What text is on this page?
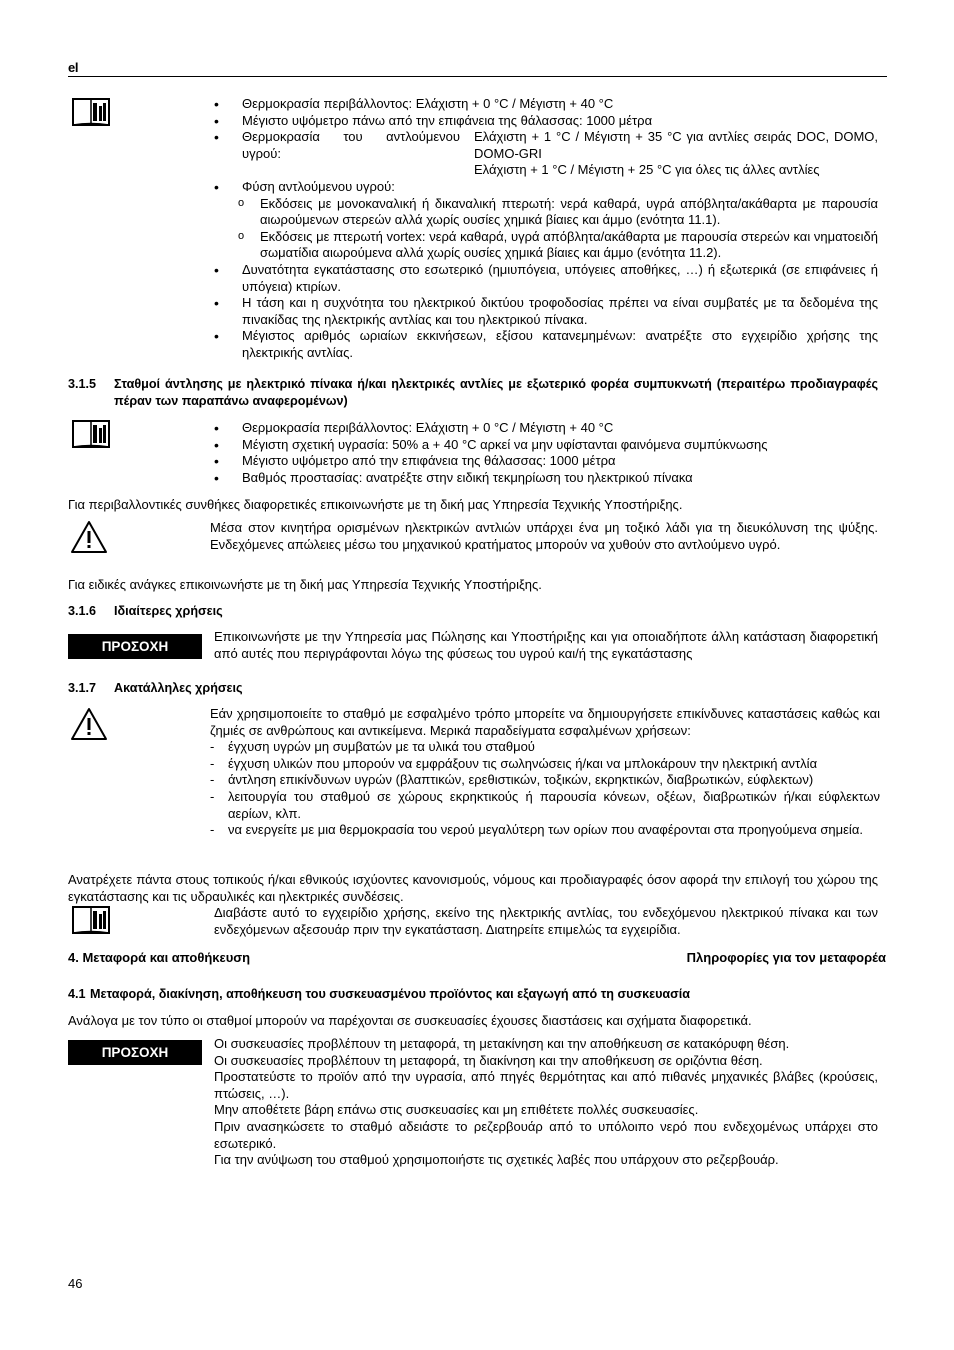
el
• Θερμοκρασία περιβάλλοντος: Ελάχιστη + 0 °C / Μέγιστη + 40 °C
• Μέγιστο υψόμετρο πάνω από την επιφάνεια της θάλασσας: 1000 μέτρα
• Θερμοκρασία του αντλούμενου υγρού:
Ελάχιστη + 1 °C / Μέγιστη + 35 °C για αντλίες σειράς DOC, DOMO, DOMO-GRI
Ελάχιστη + 1 °C / Μέγιστη + 25 °C για όλες τις άλλες αντλίες
• Φύση αντλούμενου υγρού:
o Εκδόσεις με μονοκαναλική ή δικαναλική πτερωτή: νερά καθαρά, υγρά απόβλητα/ακάθαρτα με παρουσία αιωρούμενων στερεών αλλά χωρίς ουσίες χημικά βίαιες και άμμο (ενότητα 11.1).
o Εκδόσεις με πτερωτή vortex: νερά καθαρά, υγρά απόβλητα/ακάθαρτα με παρουσία στερεών και νηματοειδή σωματίδια αιωρούμενα αλλά χωρίς ουσίες χημικά βίαιες και άμμο (ενότητα 11.2).
• Δυνατότητα εγκατάστασης στο εσωτερικό (ημιυπόγεια, υπόγειες αποθήκες, …) ή εξωτερικά (σε επιφάνειες ή υπόγεια) κτιρίων.
• Η τάση και η συχνότητα του ηλεκτρικού δικτύου τροφοδοσίας πρέπει να είναι συμβατές με τα δεδομένα της πινακίδας της ηλεκτρικής αντλίας και του ηλεκτρικού πίνακα.
• Μέγιστος αριθμός ωριαίων εκκινήσεων, εξίσου κατανεμημένων: ανατρέξτε στο εγχειρίδιο χρήσης της ηλεκτρικής αντλίας.
3.1.5	Σταθμοί άντλησης με ηλεκτρικό πίνακα ή/και ηλεκτρικές αντλίες με εξωτερικό φορέα συμπυκνωτή (περαιτέρω προδιαγραφές πέραν των παραπάνω αναφερομένων)
• Θερμοκρασία περιβάλλοντος: Ελάχιστη + 0 °C / Μέγιστη + 40 °C
• Μέγιστη σχετική υγρασία: 50% a + 40 °C αρκεί να μην υφίστανται φαινόμενα συμπύκνωσης
• Μέγιστο υψόμετρο από την επιφάνεια της θάλασσας: 1000 μέτρα
• Βαθμός προστασίας: ανατρέξτε στην ειδική τεκμηρίωση του ηλεκτρικού πίνακα
Για περιβαλλοντικές συνθήκες διαφορετικές επικοινωνήστε με τη δική μας Υπηρεσία Τεχνικής Υποστήριξης.
Μέσα στον κινητήρα ορισμένων ηλεκτρικών αντλιών υπάρχει ένα μη τοξικό λάδι για τη διευκόλυνση της ψύξης. Ενδεχόμενες απώλειες μέσω του μηχανικού κρατήματος μπορούν να χυθούν στο αντλούμενο υγρό.
Για ειδικές ανάγκες επικοινωνήστε με τη δική μας Υπηρεσία Τεχνικής Υποστήριξης.
3.1.6	Ιδιαίτερες χρήσεις
ΠΡΟΣΟΧΗ
Επικοινωνήστε με την Υπηρεσία μας Πώλησης και Υποστήριξης και για οποιαδήποτε άλλη κατάσταση διαφορετική από αυτές που περιγράφονται λόγω της φύσεως του υγρού και/ή της εγκατάστασης
3.1.7	Ακατάλληλες χρήσεις
Εάν χρησιμοποιείτε το σταθμό με εσφαλμένο τρόπο μπορείτε να δημιουργήσετε επικίνδυνες καταστάσεις καθώς και ζημιές σε ανθρώπους και αντικείμενα. Μερικά παραδείγματα εσφαλμένων χρήσεων:
- έγχυση υγρών μη συμβατών με τα υλικά του σταθμού
- έγχυση υλικών που μπορούν να εμφράξουν τις σωληνώσεις ή/και να μπλοκάρουν την ηλεκτρική αντλία
- άντληση επικίνδυνων υγρών (βλαπτικών, ερεθιστικών, τοξικών, εκρηκτικών, διαβρωτικών, εύφλεκτων)
- λειτουργία του σταθμού σε χώρους εκρηκτικούς ή παρουσία κόνεων, οξέων, διαβρωτικών ή/και εύφλεκτων αερίων, κλπ.
- να ενεργείτε με μια θερμοκρασία του νερού μεγαλύτερη των ορίων που αναφέρονται στα προηγούμενα σημεία.
Ανατρέχετε πάντα στους τοπικούς ή/και εθνικούς ισχύοντες κανονισμούς, νόμους και προδιαγραφές όσον αφορά την επιλογή του χώρου της εγκατάστασης και τις υδραυλικές και ηλεκτρικές συνδέσεις.
Διαβάστε αυτό το εγχειρίδιο χρήσης, εκείνο της ηλεκτρικής αντλίας, του ενδεχόμενου ηλεκτρικού πίνακα και των ενδεχόμενων αξεσουάρ πριν την εγκατάσταση. Διατηρείτε επιμελώς τα εγχειρίδια.
4. Μεταφορά και αποθήκευση	Πληροφορίες για τον μεταφορέα
4.1 Μεταφορά, διακίνηση, αποθήκευση του συσκευασμένου προϊόντος και εξαγωγή από τη συσκευασία
Ανάλογα με τον τύπο οι σταθμοί μπορούν να παρέχονται σε συσκευασίες έχουσες διαστάσεις και σχήματα διαφορετικά.
ΠΡΟΣΟΧΗ
Οι συσκευασίες προβλέπουν τη μεταφορά, τη μετακίνηση και την αποθήκευση σε κατακόρυφη θέση.
Οι συσκευασίες προβλέπουν τη μεταφορά, τη διακίνηση και την αποθήκευση σε οριζόντια θέση.
Προστατεύστε το προϊόν από την υγρασία, από πηγές θερμότητας και από πιθανές μηχανικές βλάβες (κρούσεις, πτώσεις, …).
Μην αποθέτετε βάρη επάνω στις συσκευασίες και μη επιθέτετε πολλές συσκευασίες.
Πριν ανασηκώσετε το σταθμό αδειάστε το ρεζερβουάρ από το υπόλοιπο νερό που ενδεχομένως υπάρχει στο εσωτερικό.
Για την ανύψωση του σταθμού χρησιμοποιήστε τις σχετικές λαβές που υπάρχουν στο ρεζερβουάρ.
46
